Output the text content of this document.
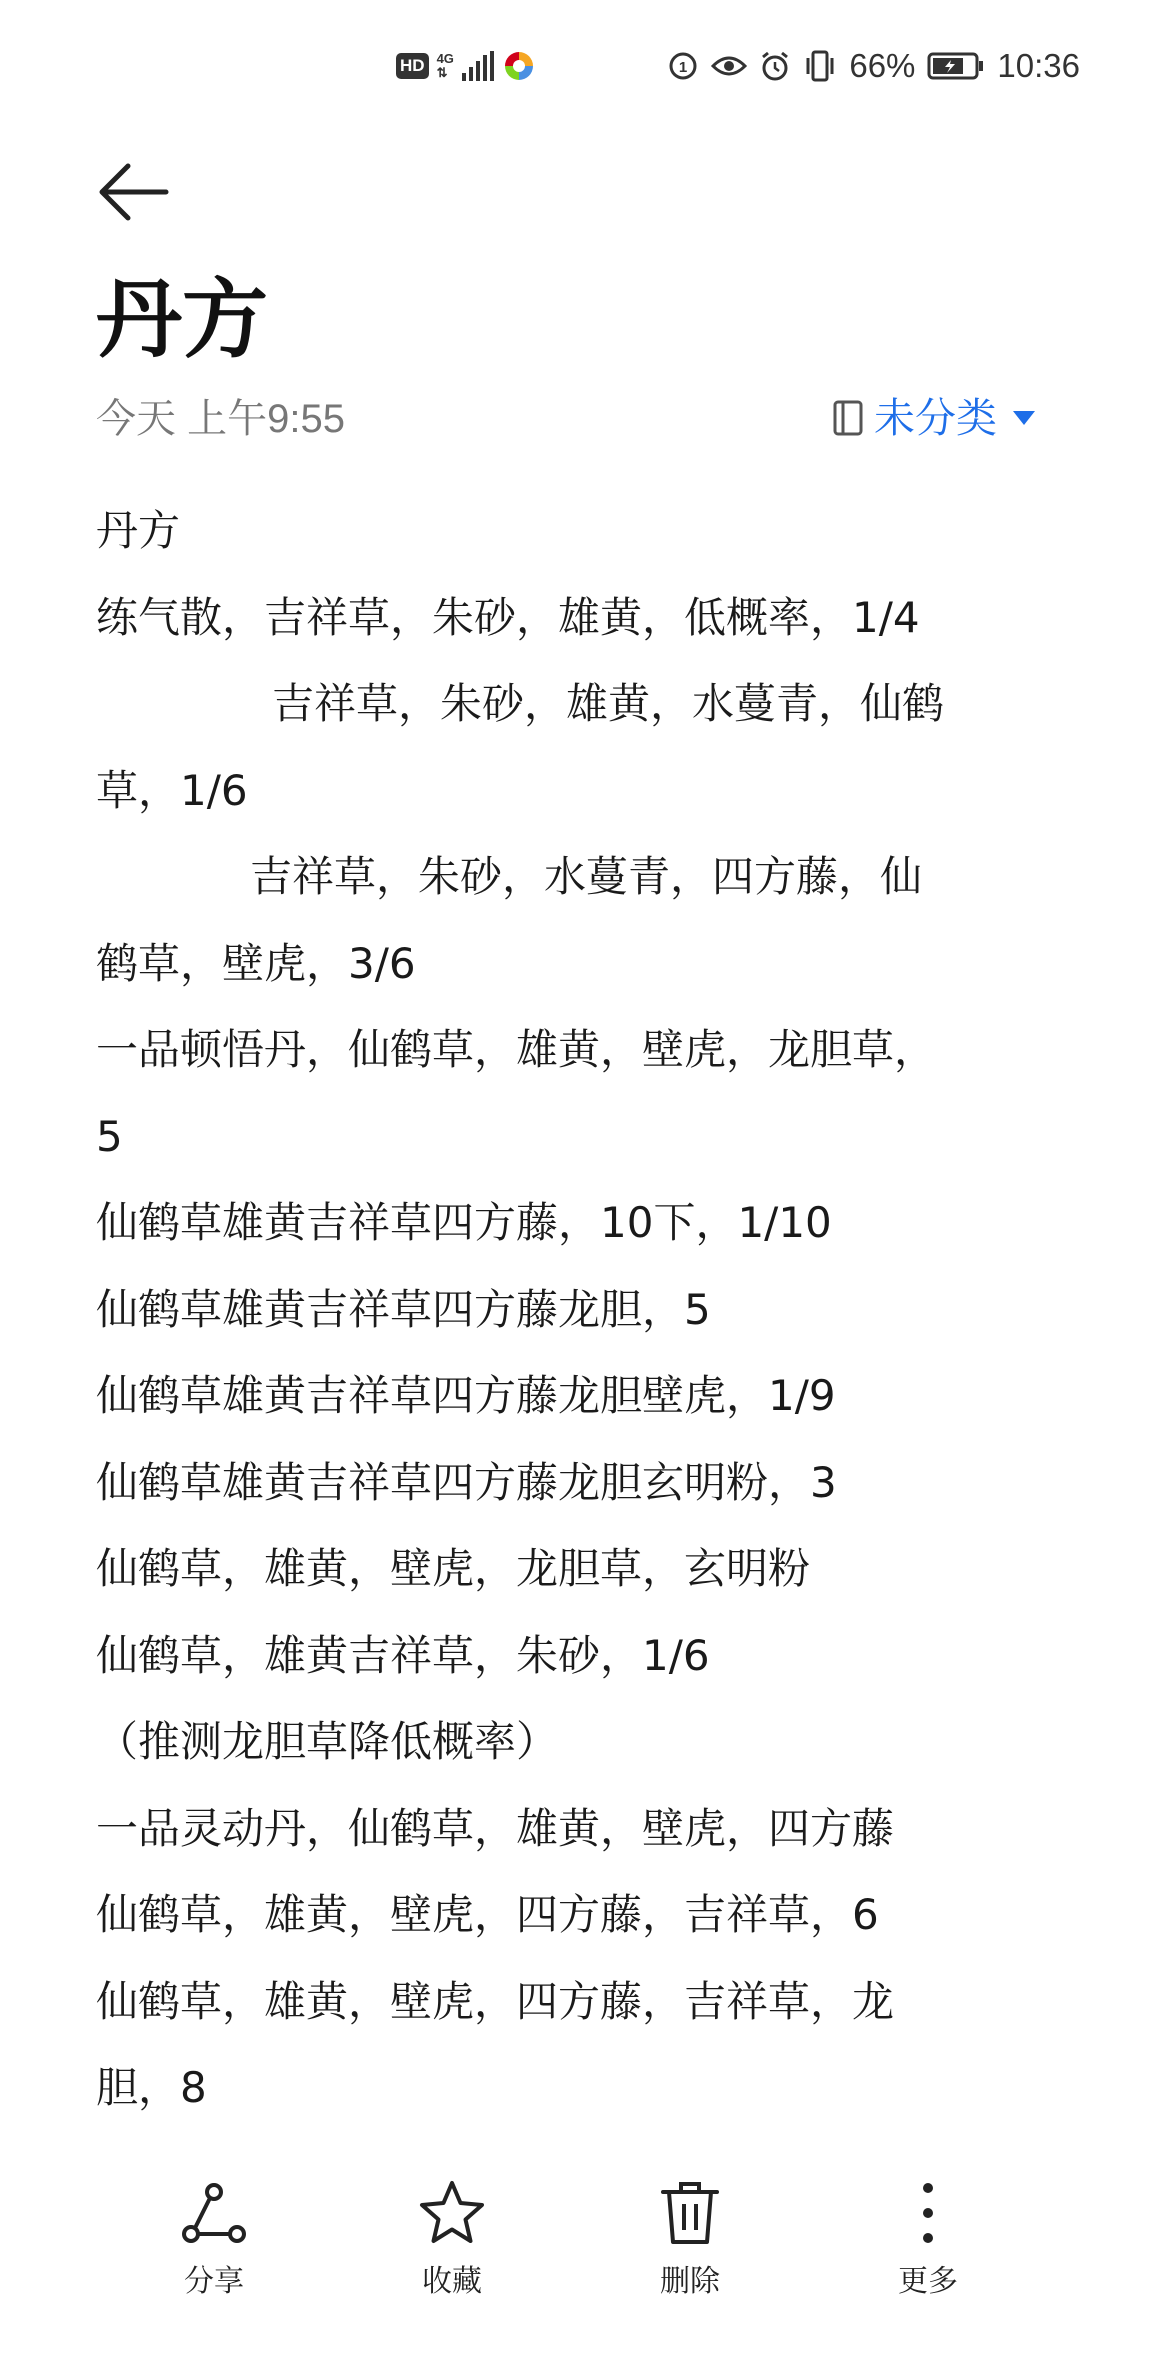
HD 4G
⇅	1	66% 10:36
丹方
今天 上午9:55	未分类
丹方
练气散，吉祥草，朱砂，雄黄，低概率，1/4
吉祥草，朱砂，雄黄，水蔓青，仙鹤
草，1/6
吉祥草，朱砂，水蔓青，四方藤，仙
鹤草，壁虎，3/6
一品顿悟丹，仙鹤草，雄黄，壁虎，龙胆草，
5
仙鹤草雄黄吉祥草四方藤，10下，1/10
仙鹤草雄黄吉祥草四方藤龙胆，5
仙鹤草雄黄吉祥草四方藤龙胆壁虎，1/9
仙鹤草雄黄吉祥草四方藤龙胆玄明粉，3
仙鹤草，雄黄，壁虎，龙胆草，玄明粉
仙鹤草，雄黄吉祥草，朱砂，1/6
（推测龙胆草降低概率）
一品灵动丹，仙鹤草，雄黄，壁虎，四方藤
仙鹤草，雄黄，壁虎，四方藤，吉祥草，6
仙鹤草，雄黄，壁虎，四方藤，吉祥草，龙
胆，8
分享	收藏	删除	更多
